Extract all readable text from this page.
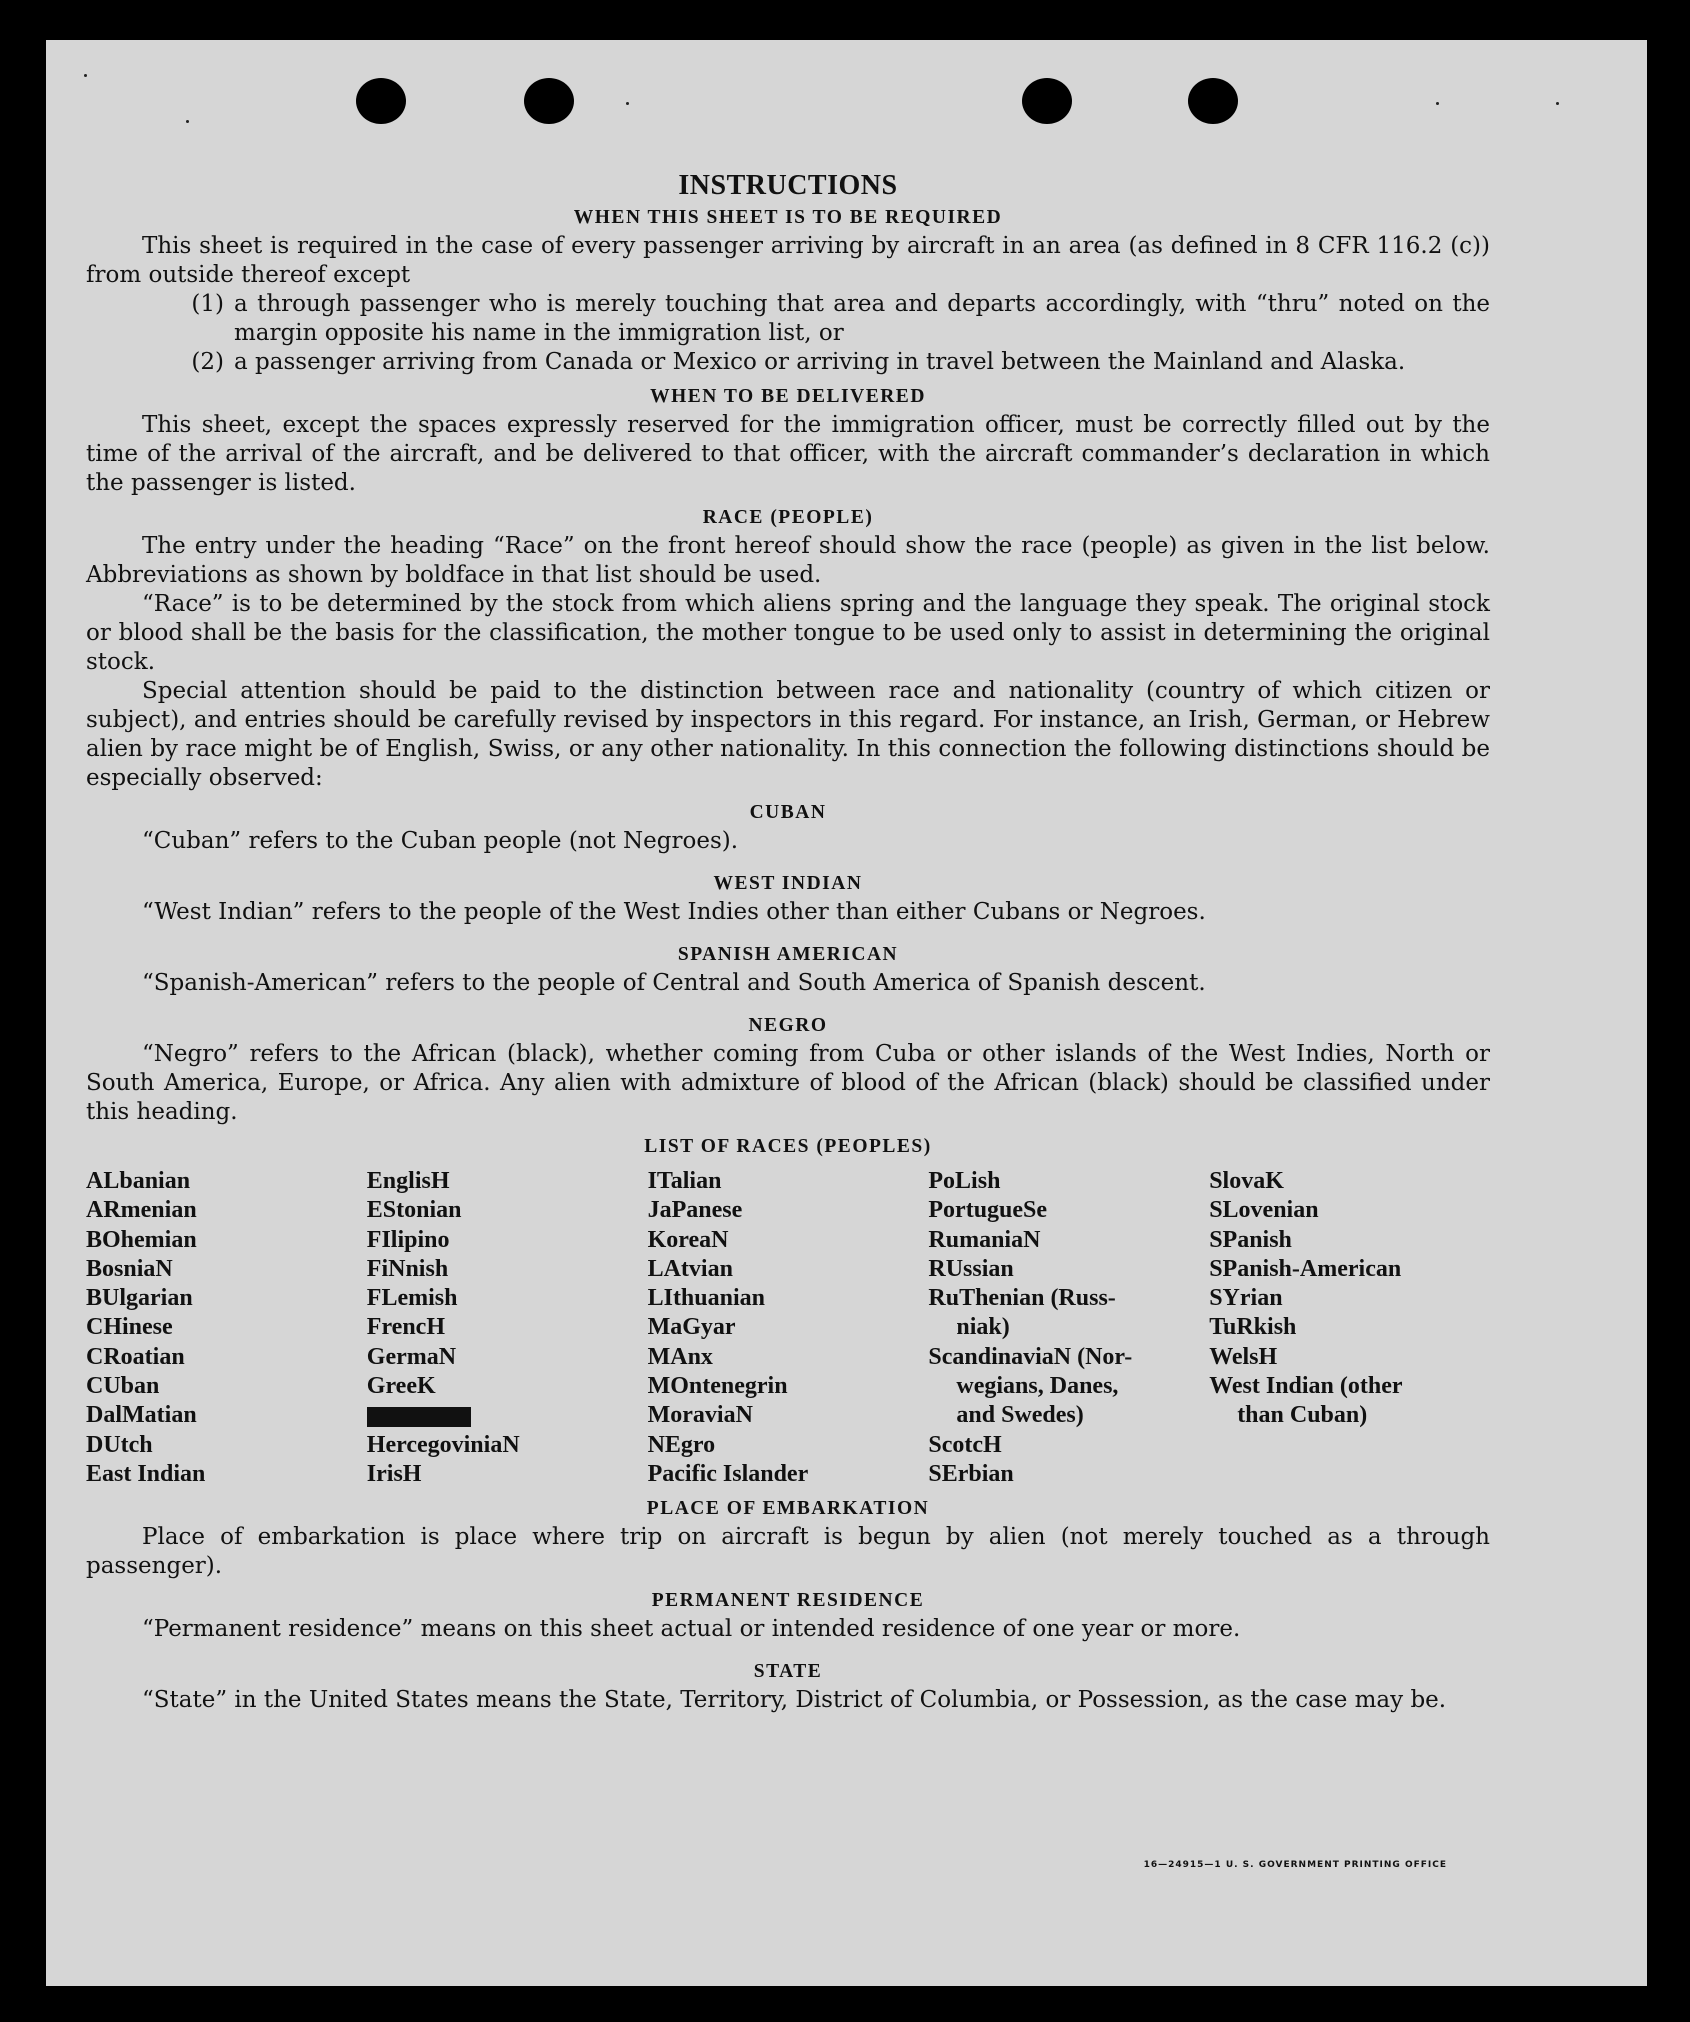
INSTRUCTIONS
WHEN THIS SHEET IS TO BE REQUIRED

This sheet is required in the case of every passenger arriving by aircraft in an area (as defined in 8 CFR 116.2 (c)) from outside thereof except

(1) a through passenger who is merely touching that area and departs accordingly, with “thru” noted on the margin opposite his name in the immigration list, or
(2) a passenger arriving from Canada or Mexico or arriving in travel between the Mainland and Alaska.
WHEN TO BE DELIVERED

This sheet, except the spaces expressly reserved for the immigration officer, must be correctly filled out by the time of the arrival of the aircraft, and be delivered to that officer, with the aircraft commander’s declaration in which the passenger is listed.

RACE (PEOPLE)

The entry under the heading “Race” on the front hereof should show the race (people) as given in the list below. Abbreviations as shown by boldface in that list should be used.

“Race” is to be determined by the stock from which aliens spring and the language they speak. The original stock or blood shall be the basis for the classification, the mother tongue to be used only to assist in determining the original stock.

Special attention should be paid to the distinction between race and nationality (country of which citizen or subject), and entries should be carefully revised by inspectors in this regard. For instance, an Irish, German, or Hebrew alien by race might be of English, Swiss, or any other nationality. In this connection the following distinctions should be especially observed:

CUBAN

“Cuban” refers to the Cuban people (not Negroes).

WEST INDIAN

“West Indian” refers to the people of the West Indies other than either Cubans or Negroes.

SPANISH AMERICAN

“Spanish-American” refers to the people of Central and South America of Spanish descent.

NEGRO

“Negro” refers to the African (black), whether coming from Cuba or other islands of the West Indies, North or South America, Europe, or Africa. Any alien with admixture of blood of the African (black) should be classified under this heading.

LIST OF RACES (PEOPLES)
ALbanian
ARmenian
BOhemian
BosniaN
BUlgarian
CHinese
CRoatian
CUban
DalMatian
DUtch
East Indian
EnglisH
EStonian
FIlipino
FiNnish
FLemish
FrencH
GermaN
GreeK
HercegoviniaN
IrisH
ITalian
JaPanese
KoreaN
LAtvian
LIthuanian
MaGyar
MAnx
MOntenegrin
MoraviaN
NEgro
Pacific Islander
PoLish
PortugueSe
RumaniaN
RUssian
RuThenian (Russ-
niak)
ScandinaviaN (Nor-
wegians, Danes,
and Swedes)
ScotcH
SErbian
SlovaK
SLovenian
SPanish
SPanish-American
SYrian
TuRkish
WelsH
West Indian (other
than Cuban)
PLACE OF EMBARKATION

Place of embarkation is place where trip on aircraft is begun by alien (not merely touched as a through passenger).

PERMANENT RESIDENCE

“Permanent residence” means on this sheet actual or intended residence of one year or more.

STATE

“State” in the United States means the State, Territory, District of Columbia, or Possession, as the case may be.

16—24915—1 U. S. GOVERNMENT PRINTING OFFICE
